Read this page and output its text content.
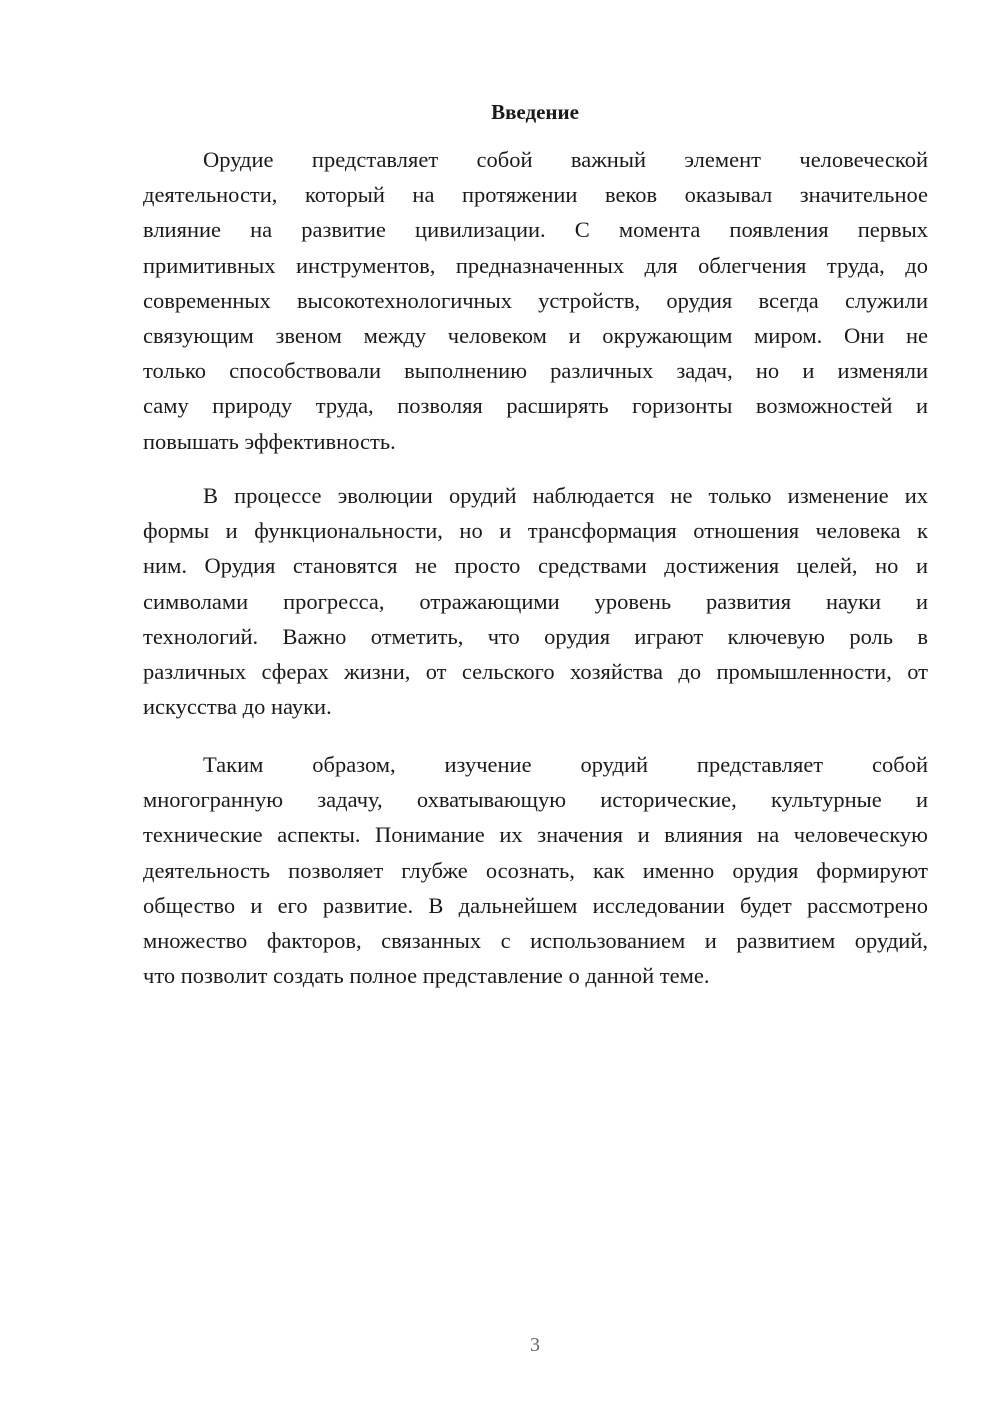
Введение
Орудие представляет собой важный элемент человеческой
деятельности, который на протяжении веков оказывал значительное
влияние на развитие цивилизации. С момента появления первых
примитивных инструментов, предназначенных для облегчения труда, до
современных высокотехнологичных устройств, орудия всегда служили
связующим звеном между человеком и окружающим миром. Они не
только способствовали выполнению различных задач, но и изменяли
саму природу труда, позволяя расширять горизонты возможностей и
повышать эффективность.
В процессе эволюции орудий наблюдается не только изменение их
формы и функциональности, но и трансформация отношения человека к
ним. Орудия становятся не просто средствами достижения целей, но и
символами прогресса, отражающими уровень развития науки и
технологий. Важно отметить, что орудия играют ключевую роль в
различных сферах жизни, от сельского хозяйства до промышленности, от
искусства до науки.
Таким образом, изучение орудий представляет собой
многогранную задачу, охватывающую исторические, культурные и
технические аспекты. Понимание их значения и влияния на человеческую
деятельность позволяет глубже осознать, как именно орудия формируют
общество и его развитие. В дальнейшем исследовании будет рассмотрено
множество факторов, связанных с использованием и развитием орудий,
что позволит создать полное представление о данной теме.
3
